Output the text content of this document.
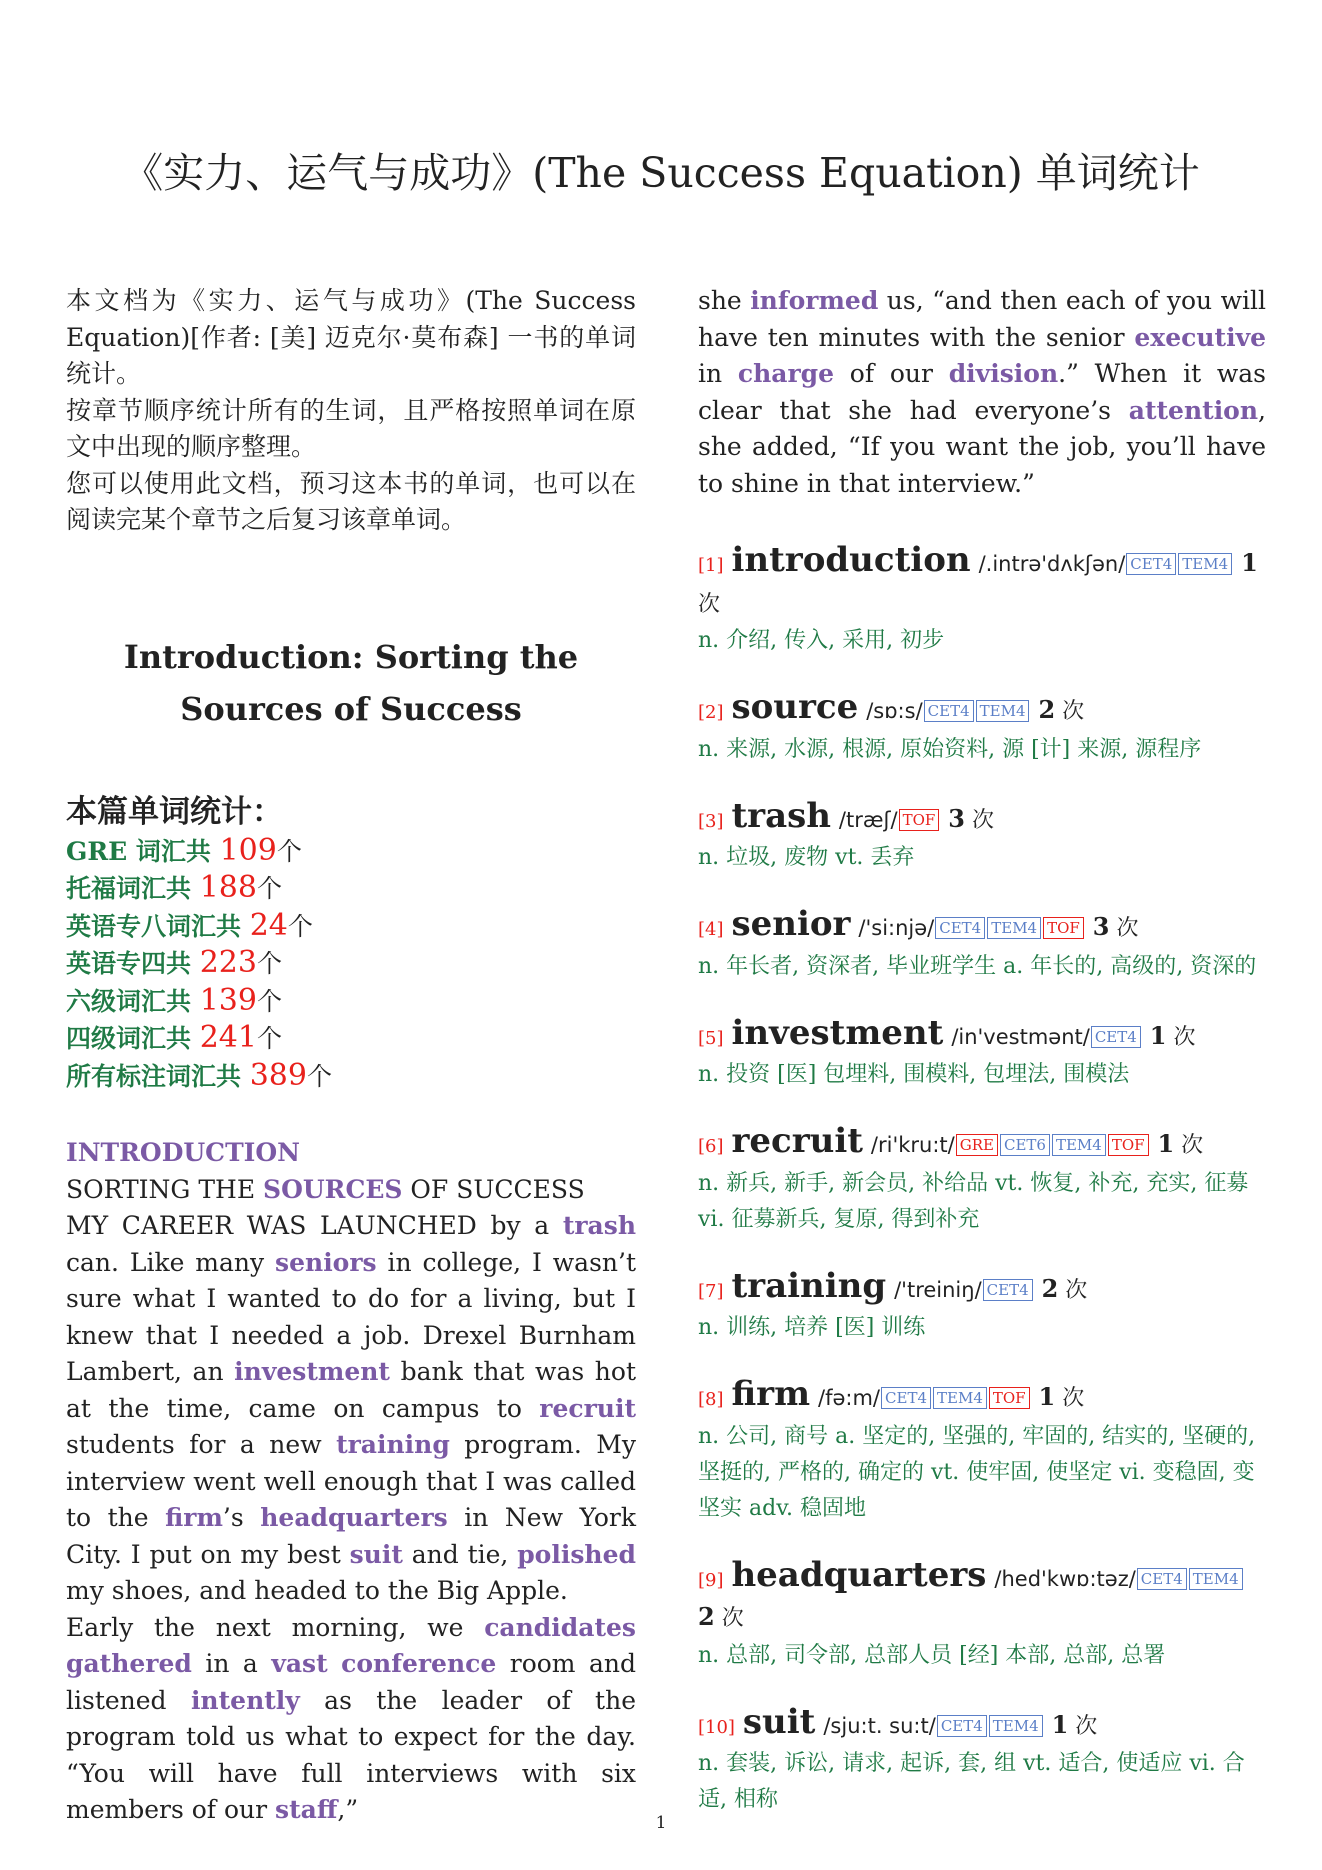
《实力、运气与成功》(The Success Equation) 单词统计

本文档为《实力、运气与成功》(The Success Equation)[作者: [美] 迈克尔·莫布森] 一书的单词统计。

按章节顺序统计所有的生词，且严格按照单词在原文中出现的顺序整理。

您可以使用此文档，预习这本书的单词，也可以在阅读完某个章节之后复习该章单词。

Introduction: Sorting the Sources of Success
本篇单词统计：
GRE 词汇共 109个
托福词汇共 188个
英语专八词汇共 24个
英语专四共 223个
六级词汇共 139个
四级词汇共 241个
所有标注词汇共 389个
INTRODUCTION
SORTING THE SOURCES OF SUCCESS

MY CAREER WAS LAUNCHED by a trash can. Like many seniors in college, I wasn’t sure what I wanted to do for a living, but I knew that I needed a job. Drexel Burnham Lambert, an investment bank that was hot at the time, came on campus to recruit students for a new training program. My interview went well enough that I was called to the firm’s headquarters in New York City. I put on my best suit and tie, polished my shoes, and headed to the Big Apple.

Early the next morning, we candidates gathered in a vast conference room and listened intently as the leader of the program told us what to expect for the day. “You will have full interviews with six members of our staff,”

she informed us, “and then each of you will have ten minutes with the senior executive in charge of our division.” When it was clear that she had everyone’s attention, she added, “If you want the job, you’ll have to shine in that interview.”

[1] introduction /.intrə'dʌkʃən/ CET4 TEM4 1 次
n. 介绍, 传入, 采用, 初步
[2] source /sɒ:s/ CET4 TEM4 2 次
n. 来源, 水源, 根源, 原始资料, 源 [计] 来源, 源程序
[3] trash /træʃ/ TOF 3 次
n. 垃圾, 废物 vt. 丢弃
[4] senior /'si:njə/ CET4 TEM4 TOF 3 次
n. 年长者, 资深者, 毕业班学生 a. 年长的, 高级的, 资深的
[5] investment /in'vestmənt/ CET4 1 次
n. 投资 [医] 包埋料, 围模料, 包埋法, 围模法
[6] recruit /ri'kru:t/ GRE CET6 TEM4 TOF 1 次
n. 新兵, 新手, 新会员, 补给品 vt. 恢复, 补充, 充实, 征募 vi. 征募新兵, 复原, 得到补充
[7] training /'treiniŋ/ CET4 2 次
n. 训练, 培养 [医] 训练
[8] firm /fə:m/ CET4 TEM4 TOF 1 次
n. 公司, 商号 a. 坚定的, 坚强的, 牢固的, 结实的, 坚硬的, 坚挺的, 严格的, 确定的 vt. 使牢固, 使坚定 vi. 变稳固, 变坚实 adv. 稳固地
[9] headquarters /hed'kwɒ:təz/ CET4 TEM4 2 次
n. 总部, 司令部, 总部人员 [经] 本部, 总部, 总署
[10] suit /sju:t. su:t/ CET4 TEM4 1 次
n. 套装, 诉讼, 请求, 起诉, 套, 组 vt. 适合, 使适应 vi. 合适, 相称
1
